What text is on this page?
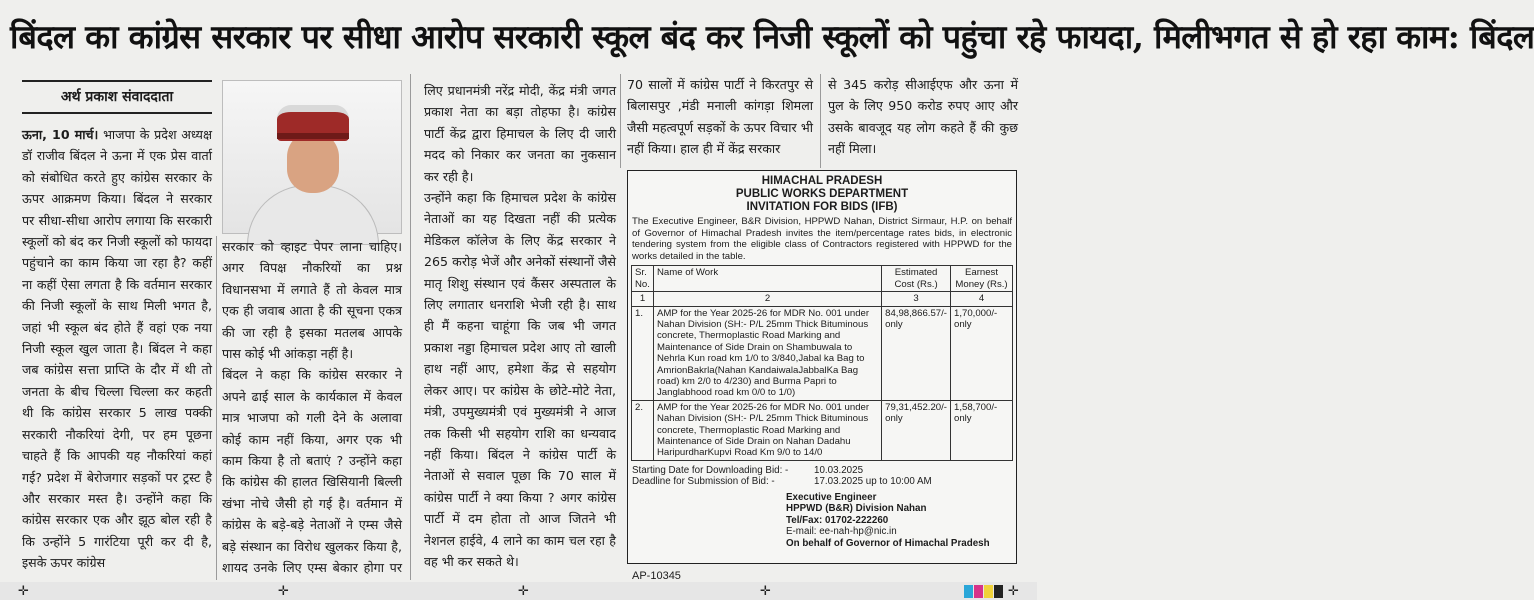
बिंदल का कांग्रेस सरकार पर सीधा आरोप सरकारी स्कूल बंद कर निजी स्कूलों को पहुंचा रहे फायदा, मिलीभगत से हो रहा काम: बिंदल
अर्थ प्रकाश संवाददाता

ऊना, 10 मार्च। भाजपा के प्रदेश अध्यक्ष डॉ राजीव बिंदल ने ऊना में एक प्रेस वार्ता को संबोधित करते हुए कांग्रेस सरकार के ऊपर आक्रमण किया। बिंदल ने सरकार पर सीधा-सीधा आरोप लगाया कि सरकारी स्कूलों को बंद कर निजी स्कूलों को फायदा पहुंचाने का काम किया जा रहा है? कहीं ना कहीं ऐसा लगता है कि वर्तमान सरकार की निजी स्कूलों के साथ मिली भगत है, जहां भी स्कूल बंद होते हैं वहां एक नया निजी स्कूल खुल जाता है। बिंदल ने कहा जब कांग्रेस सत्ता प्राप्ति के दौर में थी तो जनता के बीच चिल्ला चिल्ला कर कहती थी कि कांग्रेस सरकार 5 लाख पक्की सरकारी नौकरियां देगी, पर हम पूछना चाहते हैं कि आपकी यह नौकरियां कहां गई? प्रदेश में बेरोजगार सड़कों पर ट्रस्ट है और सरकार मस्त है। उन्होंने कहा कि कांग्रेस सरकार एक और झूठ बोल रही है कि उन्होंने 5 गारंटिया पूरी कर दी है, इसके ऊपर कांग्रेस

सरकार को व्हाइट पेपर लाना चाहिए। अगर विपक्ष नौकरियों का प्रश्न विधानसभा में लगाते हैं तो केवल मात्र एक ही जवाब आता है की सूचना एकत्र की जा रही है इसका मतलब आपके पास कोई भी आंकड़ा नहीं है।

बिंदल ने कहा कि कांग्रेस सरकार ने अपने ढाई साल के कार्यकाल में केवल मात्र भाजपा को गली देने के अलावा कोई काम नहीं किया, अगर एक भी काम किया है तो बताएं ? उन्होंने कहा कि कांग्रेस की हालत खिसियानी बिल्ली खंभा नोचे जैसी हो गई है। वर्तमान में कांग्रेस के बड़े-बड़े नेताओं ने एम्स जैसे बड़े संस्थान का विरोध खुलकर किया है, शायद उनके लिए एम्स बेकार होगा पर

लिए प्रधानमंत्री नरेंद्र मोदी, केंद्र मंत्री जगत प्रकाश नेता का बड़ा तोहफा है। कांग्रेस पार्टी केंद्र द्वारा हिमाचल के लिए दी जारी मदद को निकार कर जनता का नुकसान कर रही है।

उन्होंने कहा कि हिमाचल प्रदेश के कांग्रेस नेताओं का यह दिखता नहीं की प्रत्येक मेडिकल कॉलेज के लिए केंद्र सरकार ने 265 करोड़ भेजें और अनेकों संस्थानों जैसे मातृ शिशु संस्थान एवं कैंसर अस्पताल के लिए लगातार धनराशि भेजी रही है। साथ ही मैं कहना चाहूंगा कि जब भी जगत प्रकाश नड्डा हिमाचल प्रदेश आए तो खाली हाथ नहीं आए, हमेशा केंद्र से सहयोग लेकर आए। पर कांग्रेस के छोटे-मोटे नेता, मंत्री, उपमुख्यमंत्री एवं मुख्यमंत्री ने आज तक किसी भी सहयोग राशि का धन्यवाद नहीं किया। बिंदल ने कांग्रेस पार्टी के नेताओं से सवाल पूछा कि 70 साल में कांग्रेस पार्टी ने क्या किया ? अगर कांग्रेस पार्टी में दम होता तो आज जितने भी नेशनल हाईवे, 4 लाने का काम चल रहा है वह भी कर सकते थे।

70 सालों में कांग्रेस पार्टी ने किरतपुर से बिलासपुर ,मंडी मनाली कांगड़ा शिमला जैसी महत्वपूर्ण सड़कों के ऊपर विचार भी नहीं किया। हाल ही में केंद्र सरकार

से 345 करोड़ सीआईएफ और ऊना में पुल के लिए 950 करोड रुपए आए और उसके बावजूद यह लोग कहते हैं की कुछ नहीं मिला।

HIMACHAL PRADESH
PUBLIC WORKS DEPARTMENT
INVITATION FOR BIDS (IFB)
The Executive Engineer, B&R Division, HPPWD Nahan, District Sirmaur, H.P. on behalf of Governor of Himachal Pradesh invites the item/percentage rates bids, in electronic tendering system from the eligible class of Contractors registered with HPPWD for the works detailed in the table.
Sr. No.	Name of Work	Estimated Cost (Rs.)	Earnest Money (Rs.)
1	2	3	4
1.	AMP for the Year 2025-26 for MDR No. 001 under Nahan Division (SH:- P/L 25mm Thick Bituminous concrete, Thermoplastic Road Marking and Maintenance of Side Drain on Shambuwala to Nehrla Kun road km 1/0 to 3/840,Jabal ka Bag to AmrionBakrla(Nahan KandaiwalaJabbalKa Bag road) km 2/0 to 4/230) and Burma Papri to Janglabhood road km 0/0 to 1/0)	84,98,866.57/- only	1,70,000/- only
2.	AMP for the Year 2025-26 for MDR No. 001 under Nahan Division (SH:- P/L 25mm Thick Bituminous concrete, Thermoplastic Road Marking and Maintenance of Side Drain on Nahan Dadahu HaripurdharKupvi Road Km 9/0 to 14/0	79,31,452.20/- only	1,58,700/- only
Starting Date for Downloading Bid: -	10.03.2025
Deadline for Submission of Bid: -	17.03.2025 up to 10:00 AM
Executive Engineer
HPPWD (B&R) Division Nahan
Tel/Fax: 01702-222260
E-mail: ee-nah-hp@nic.in
On behalf of Governor of Himachal Pradesh
AP-10345
✛	✛	✛	✛	✛
